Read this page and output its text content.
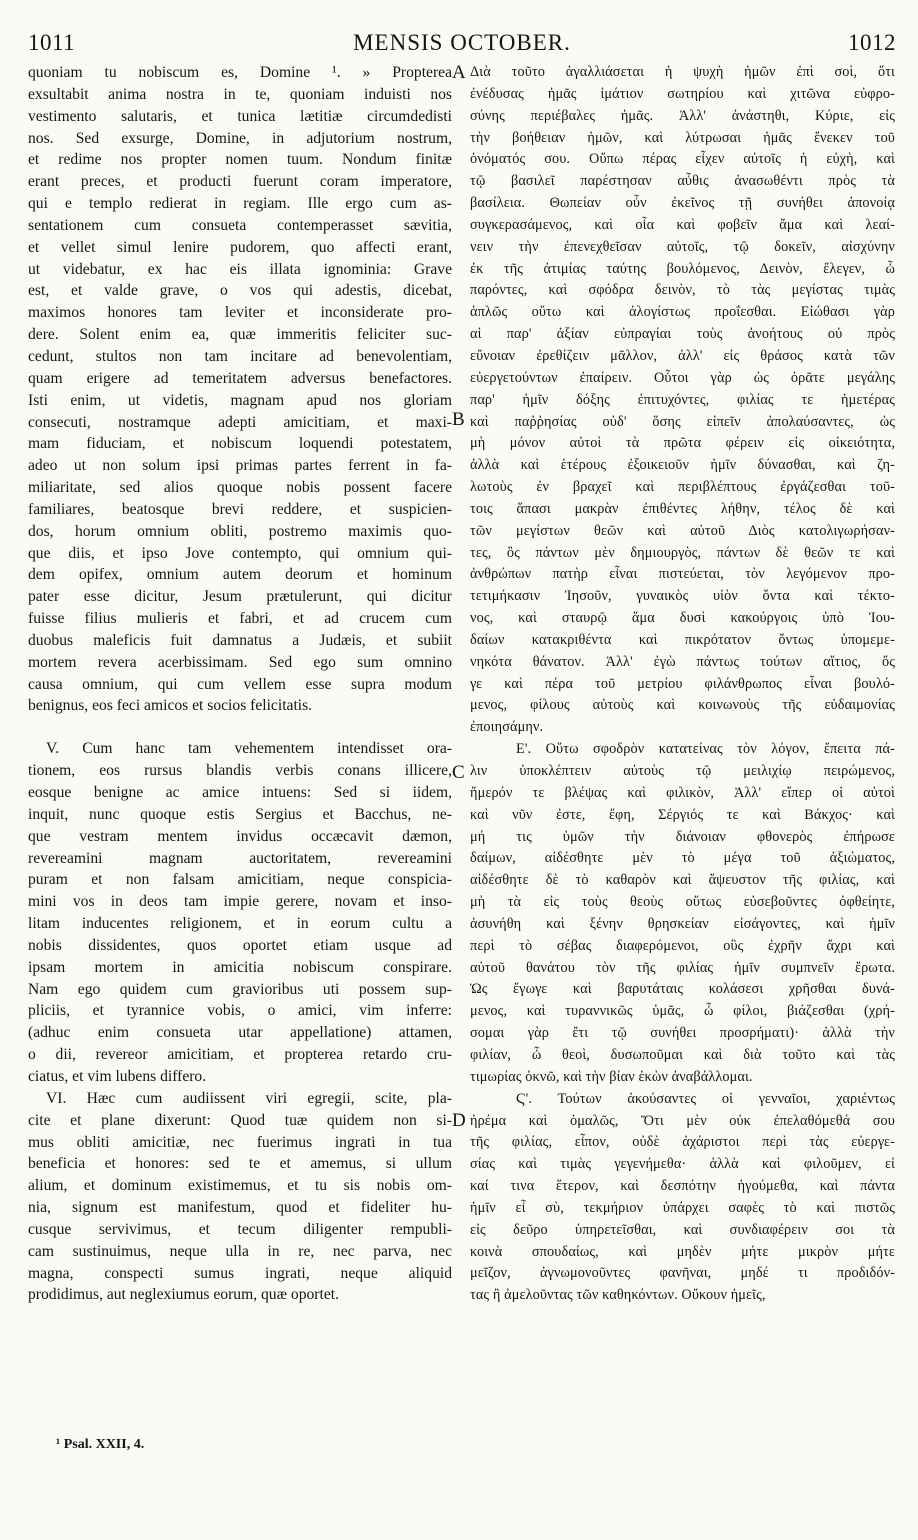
1011	MENSIS OCTOBER.	1012
quoniam tu nobiscum es, Domine ¹. » Propterea
exsultabit anima nostra in te, quoniam induisti nos
vestimento salutaris, et tunica lætitiæ circumdedisti
nos. Sed exsurge, Domine, in adjutorium nostrum,
et redime nos propter nomen tuum. Nondum finitæ
erant preces, et producti fuerunt coram imperatore,
qui e templo redierat in regiam. Ille ergo cum as-
sentationem cum consueta contemperasset sævitia,
et vellet simul lenire pudorem, quo affecti erant,
ut videbatur, ex hac eis illata ignominia: Grave
est, et valde grave, o vos qui adestis, dicebat,
maximos honores tam leviter et inconsiderate pro-
dere. Solent enim ea, quæ immeritis feliciter suc-
cedunt, stultos non tam incitare ad benevolentiam,
quam erigere ad temeritatem adversus benefactores.
Isti enim, ut videtis, magnam apud nos gloriam
consecuti, nostramque adepti amicitiam, et maxi-
mam fiduciam, et nobiscum loquendi potestatem,
adeo ut non solum ipsi primas partes ferrent in fa-
miliaritate, sed alios quoque nobis possent facere
familiares, beatosque brevi reddere, et suspicien-
dos, horum omnium obliti, postremo maximis quo-
que diis, et ipso Jove contempto, qui omnium qui-
dem opifex, omnium autem deorum et hominum
pater esse dicitur, Jesum prætulerunt, qui dicitur
fuisse filius mulieris et fabri, et ad crucem cum
duobus maleficis fuit damnatus a Judæis, et subiit
mortem revera acerbissimam. Sed ego sum omnino
causa omnium, qui cum vellem esse supra modum
benignus, eos feci amicos et socios felicitatis.
V. Cum hanc tam vehementem intendisset ora-
tionem, eos rursus blandis verbis conans illicere,
eosque benigne ac amice intuens: Sed si iidem,
inquit, nunc quoque estis Sergius et Bacchus, ne-
que vestram mentem invidus occæcavit dæmon,
revereamini magnam auctoritatem, revereamini
puram et non falsam amicitiam, neque conspicia-
mini vos in deos tam impie gerere, novam et inso-
litam inducentes religionem, et in eorum cultu a
nobis dissidentes, quos oportet etiam usque ad
ipsam mortem in amicitia nobiscum conspirare.
Nam ego quidem cum gravioribus uti possem sup-
pliciis, et tyrannice vobis, o amici, vim inferre:
(adhuc enim consueta utar appellatione) attamen,
o dii, revereor amicitiam, et propterea retardo cru-
ciatus, et vim lubens differo.
VI. Hæc cum audiissent viri egregii, scite, pla-
cite et plane dixerunt: Quod tuæ quidem non si-
mus obliti amicitiæ, nec fuerimus ingrati in tua
beneficia et honores: sed te et amemus, si ullum
alium, et dominum existimemus, et tu sis nobis om-
nia, signum est manifestum, quod et fideliter hu-
cusque servivimus, et tecum diligenter rempubli-
cam sustinuimus, neque ulla in re, nec parva, nec
magna, conspecti sumus ingrati, neque aliquid
prodidimus, aut neglexiumus eorum, quæ oportet.
Διὰ τοῦτο ἀγαλλιάσεται ἡ ψυχὴ ἡμῶν ἐπὶ σοὶ, ὅτι
ἐνέδυσας ἡμᾶς ἱμάτιον σωτηρίου καὶ χιτῶνα εὐφρο-
σύνης περιέβαλες ἡμᾶς. Ἀλλ' ἀνάστηθι, Κύριε, εἰς
τὴν βοήθειαν ἡμῶν, καὶ λύτρωσαι ἡμᾶς ἕνεκεν τοῦ
ὀνόματός σου. Οὔπω πέρας εἶχεν αὐτοῖς ἡ εὐχὴ, καὶ
τῷ βασιλεῖ παρέστησαν αὖθις ἀνασωθέντι πρὸς τὰ
βασίλεια. Θωπείαν οὖν ἐκεῖνος τῇ συνήθει ἀπονοίᾳ
συγκερασάμενος, καὶ οἷα καὶ φοβεῖν ἅμα καὶ λεαί-
νειν τὴν ἐπενεχθεῖσαν αὐτοῖς, τῷ δοκεῖν, αἰσχύνην
ἐκ τῆς ἀτιμίας ταύτης βουλόμενος, Δεινὸν, ἔλεγεν, ὦ
παρόντες, καὶ σφόδρα δεινὸν, τὸ τὰς μεγίστας τιμὰς
ἁπλῶς οὕτω καὶ ἀλογίστως προΐεσθαι. Εἰώθασι γὰρ
αἱ παρ' ἀξίαν εὐπραγίαι τοὺς ἀνοήτους οὐ πρὸς
εὔνοιαν ἐρεθίζειν μᾶλλον, ἀλλ' εἰς θράσος κατὰ τῶν
εὐεργετούντων ἐπαίρειν. Οὗτοι γὰρ ὡς ὁρᾶτε μεγάλης
παρ' ἡμῖν δόξης ἐπιτυχόντες, φιλίας τε ἡμετέρας
καὶ παῤῥησίας οὐδ' ὅσης εἰπεῖν ἀπολαύσαντες, ὡς
μὴ μόνον αὐτοὶ τὰ πρῶτα φέρειν εἰς οἰκειότητα,
ἀλλὰ καὶ ἑτέρους ἐξοικειοῦν ἡμῖν δύνασθαι, καὶ ζη-
λωτοὺς ἐν βραχεῖ καὶ περιβλέπτους ἐργάζεσθαι τοῦ-
τοις ἅπασι μακρὰν ἐπιθέντες λήθην, τέλος δὲ καὶ
τῶν μεγίστων θεῶν καὶ αὐτοῦ Διὸς κατολιγωρήσαν-
τες, ὃς πάντων μὲν δημιουργὸς, πάντων δὲ θεῶν τε καὶ
ἀνθρώπων πατὴρ εἶναι πιστεύεται, τὸν λεγόμενον προ-
τετιμήκασιν Ἰησοῦν, γυναικὸς υἱὸν ὄντα καὶ τέκτο-
νος, καὶ σταυρῷ ἅμα δυσὶ κακούργοις ὑπὸ Ἰου-
δαίων κατακριθέντα καὶ πικρότατον ὄντως ὑπομεμε-
νηκότα θάνατον. Ἀλλ' ἐγὼ πάντως τούτων αἴτιος, ὅς
γε καὶ πέρα τοῦ μετρίου φιλάνθρωπος εἶναι βουλό-
μενος, φίλους αὐτοὺς καὶ κοινωνοὺς τῆς εὐδαιμονίας
ἐποιησάμην.
Ε'. Οὕτω σφοδρὸν κατατείνας τὸν λόγον, ἔπειτα πά-
λιν ὑποκλέπτειν αὐτοὺς τῷ μειλιχίῳ πειρώμενος,
ἥμερόν τε βλέψας καὶ φιλικὸν, Ἀλλ' εἴπερ οἱ αὐτοὶ
καὶ νῦν ἐστε, ἔφη, Σέργιός τε καὶ Βάκχος· καὶ
μή τις ὑμῶν τὴν διάνοιαν φθονερὸς ἐπήρωσε
δαίμων, αἰδέσθητε μὲν τὸ μέγα τοῦ ἀξιώματος,
αἰδέσθητε δὲ τὸ καθαρὸν καὶ ἄψευστον τῆς φιλίας, καὶ
μὴ τὰ εἰς τοὺς θεοὺς οὕτως εὐσεβοῦντες ὀφθείητε,
ἀσυνήθη καὶ ξένην θρησκείαν εἰσάγοντες, καὶ ἡμῖν
περὶ τὸ σέβας διαφερόμενοι, οὓς ἐχρῆν ἄχρι καὶ
αὐτοῦ θανάτου τὸν τῆς φιλίας ἡμῖν συμπνεῖν ἔρωτα.
Ὡς ἔγωγε καὶ βαρυτάταις κολάσεσι χρῆσθαι δυνά-
μενος, καὶ τυραννικῶς ὑμᾶς, ὦ φίλοι, βιάζεσθαι (χρή-
σομαι γὰρ ἔτι τῷ συνήθει προσρήματι)· ἀλλὰ τὴν
φιλίαν, ὦ θεοὶ, δυσωποῦμαι καὶ διὰ τοῦτο καὶ τὰς
τιμωρίας ὀκνῶ, καὶ τὴν βίαν ἑκὼν ἀναβάλλομαι.
Ϛ'. Τούτων ἀκούσαντες οἱ γενναῖοι, χαριέντως
ἠρέμα καὶ ὁμαλῶς, Ὅτι μὲν οὐκ ἐπελαθόμεθά σου
τῆς φιλίας, εἶπον, οὐδὲ ἀχάριστοι περὶ τὰς εὐεργε-
σίας καὶ τιμὰς γεγενήμεθα· ἀλλὰ καὶ φιλοῦμεν, εἰ
καί τινα ἕτερον, καὶ δεσπότην ἡγούμεθα, καὶ πάντα
ἡμῖν εἶ σὺ, τεκμήριον ὑπάρχει σαφὲς τὸ καὶ πιστῶς
εἰς δεῦρο ὑπηρετεῖσθαι, καὶ συνδιαφέρειν σοι τὰ
κοινὰ σπουδαίως, καὶ μηδὲν μήτε μικρὸν μήτε
μεῖζον, ἀγνωμονοῦντες φανῆναι, μηδέ τι προδιδόν-
τας ἢ ἀμελοῦντας τῶν καθηκόντων. Οὔκουν ἡμεῖς,
A
B
C
D
¹ Psal. XXII, 4.
